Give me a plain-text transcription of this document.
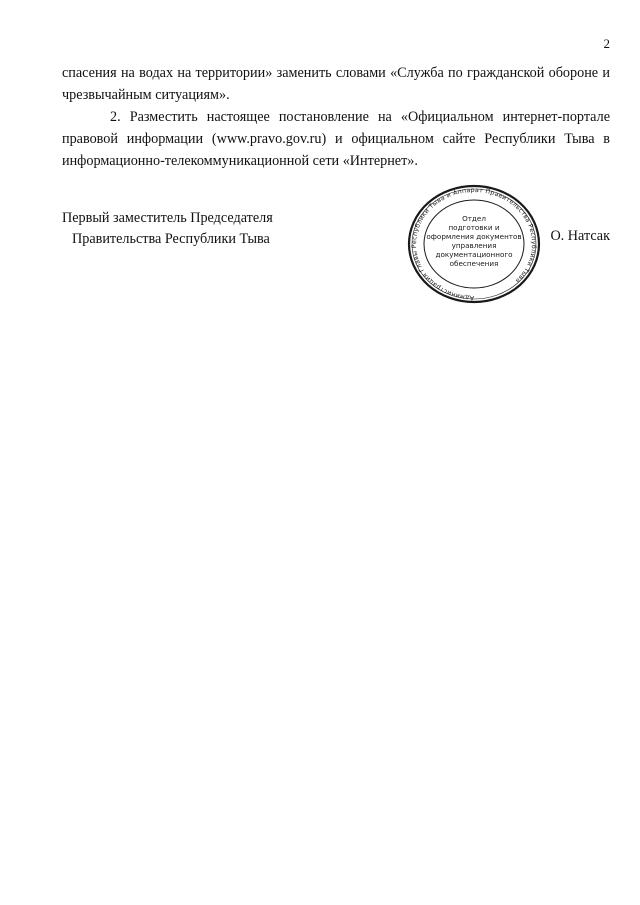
2

спасения на водах на территории» заменить словами «Служба по гражданской обороне и чрезвычайным ситуациям».

2. Разместить настоящее постановление на «Официальном интернет-портале правовой информации (www.pravo.gov.ru) и официальном сайте Республики Тыва в информационно-телекоммуникационной сети «Интернет».

Первый заместитель Председателя
Правительства Республики Тыва
Администрация Главы Республики Тыва и Аппарат Правительства Республики Тыва
Отдел
подготовки и
оформления документов
управления
документационного
обеспечения
О. Натсак
